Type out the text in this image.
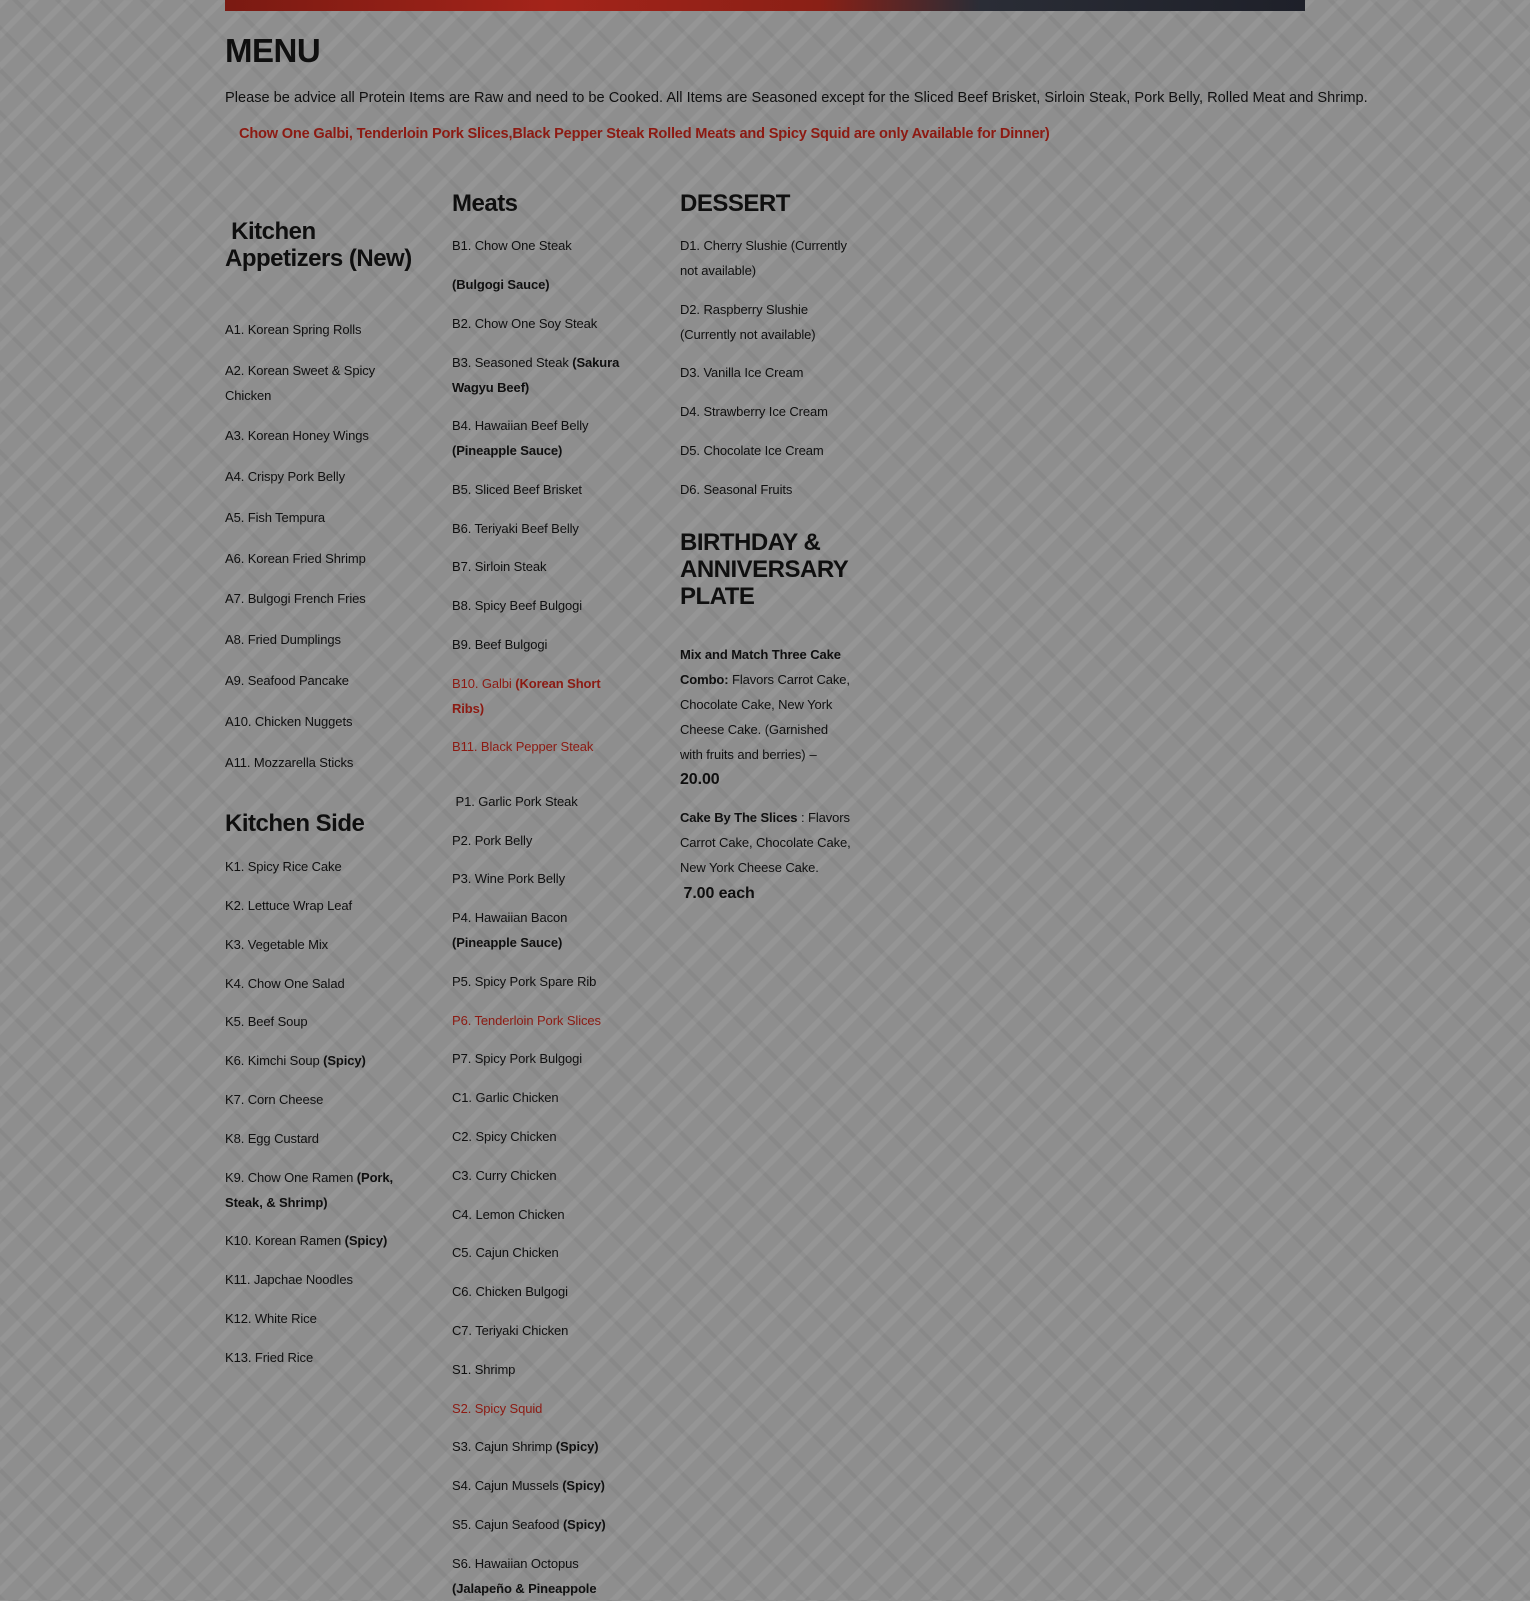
MENU

Please be advice all Protein Items are Raw and need to be Cooked. All Items are Seasoned except for the Sliced Beef Brisket, Sirloin Steak, Pork Belly, Rolled Meat and Shrimp.

Chow One Galbi, Tenderloin Pork Slices,Black Pepper Steak Rolled Meats and Spicy Squid are only Available for Dinner)

Kitchen Appetizers (New)

A1. Korean Spring Rolls

A2. Korean Sweet & Spicy Chicken

A3. Korean Honey Wings

A4. Crispy Pork Belly

A5. Fish Tempura

A6. Korean Fried Shrimp

A7. Bulgogi French Fries

A8. Fried Dumplings

A9. Seafood Pancake

A10. Chicken Nuggets

A11. Mozzarella Sticks

Kitchen Side

K1. Spicy Rice Cake

K2. Lettuce Wrap Leaf

K3. Vegetable Mix

K4. Chow One Salad

K5. Beef Soup

K6. Kimchi Soup (Spicy)

K7. Corn Cheese

K8. Egg Custard

K9. Chow One Ramen (Pork, Steak, & Shrimp)

K10. Korean Ramen (Spicy)

K11. Japchae Noodles

K12. White Rice

K13. Fried Rice

Meats

B1. Chow One Steak

(Bulgogi Sauce)

B2. Chow One Soy Steak

B3. Seasoned Steak (Sakura Wagyu Beef)

B4. Hawaiian Beef Belly (Pineapple Sauce)

B5. Sliced Beef Brisket

B6. Teriyaki Beef Belly

B7. Sirloin Steak

B8. Spicy Beef Bulgogi

B9. Beef Bulgogi

B10. Galbi (Korean Short Ribs)

B11. Black Pepper Steak

P1. Garlic Pork Steak

P2. Pork Belly

P3. Wine Pork Belly

P4. Hawaiian Bacon (Pineapple Sauce)

P5. Spicy Pork Spare Rib

P6. Tenderloin Pork Slices

P7. Spicy Pork Bulgogi

C1. Garlic Chicken

C2. Spicy Chicken

C3. Curry Chicken

C4. Lemon Chicken

C5. Cajun Chicken

C6. Chicken Bulgogi

C7. Teriyaki Chicken

S1. Shrimp

S2. Spicy Squid

S3. Cajun Shrimp (Spicy)

S4. Cajun Mussels (Spicy)

S5. Cajun Seafood (Spicy)

S6. Hawaiian Octopus (Jalapeño & Pineappole

DESSERT

D1. Cherry Slushie (Currently not available)

D2. Raspberry Slushie (Currently not available)

D3. Vanilla Ice Cream

D4. Strawberry Ice Cream

D5. Chocolate Ice Cream

D6. Seasonal Fruits

BIRTHDAY & ANNIVERSARY PLATE

Mix and Match Three Cake Combo: Flavors Carrot Cake, Chocolate Cake, New York Cheese Cake. (Garnished with fruits and berries) –20.00

Cake By The Slices : Flavors Carrot Cake, Chocolate Cake, New York Cheese Cake.

7.00 each
